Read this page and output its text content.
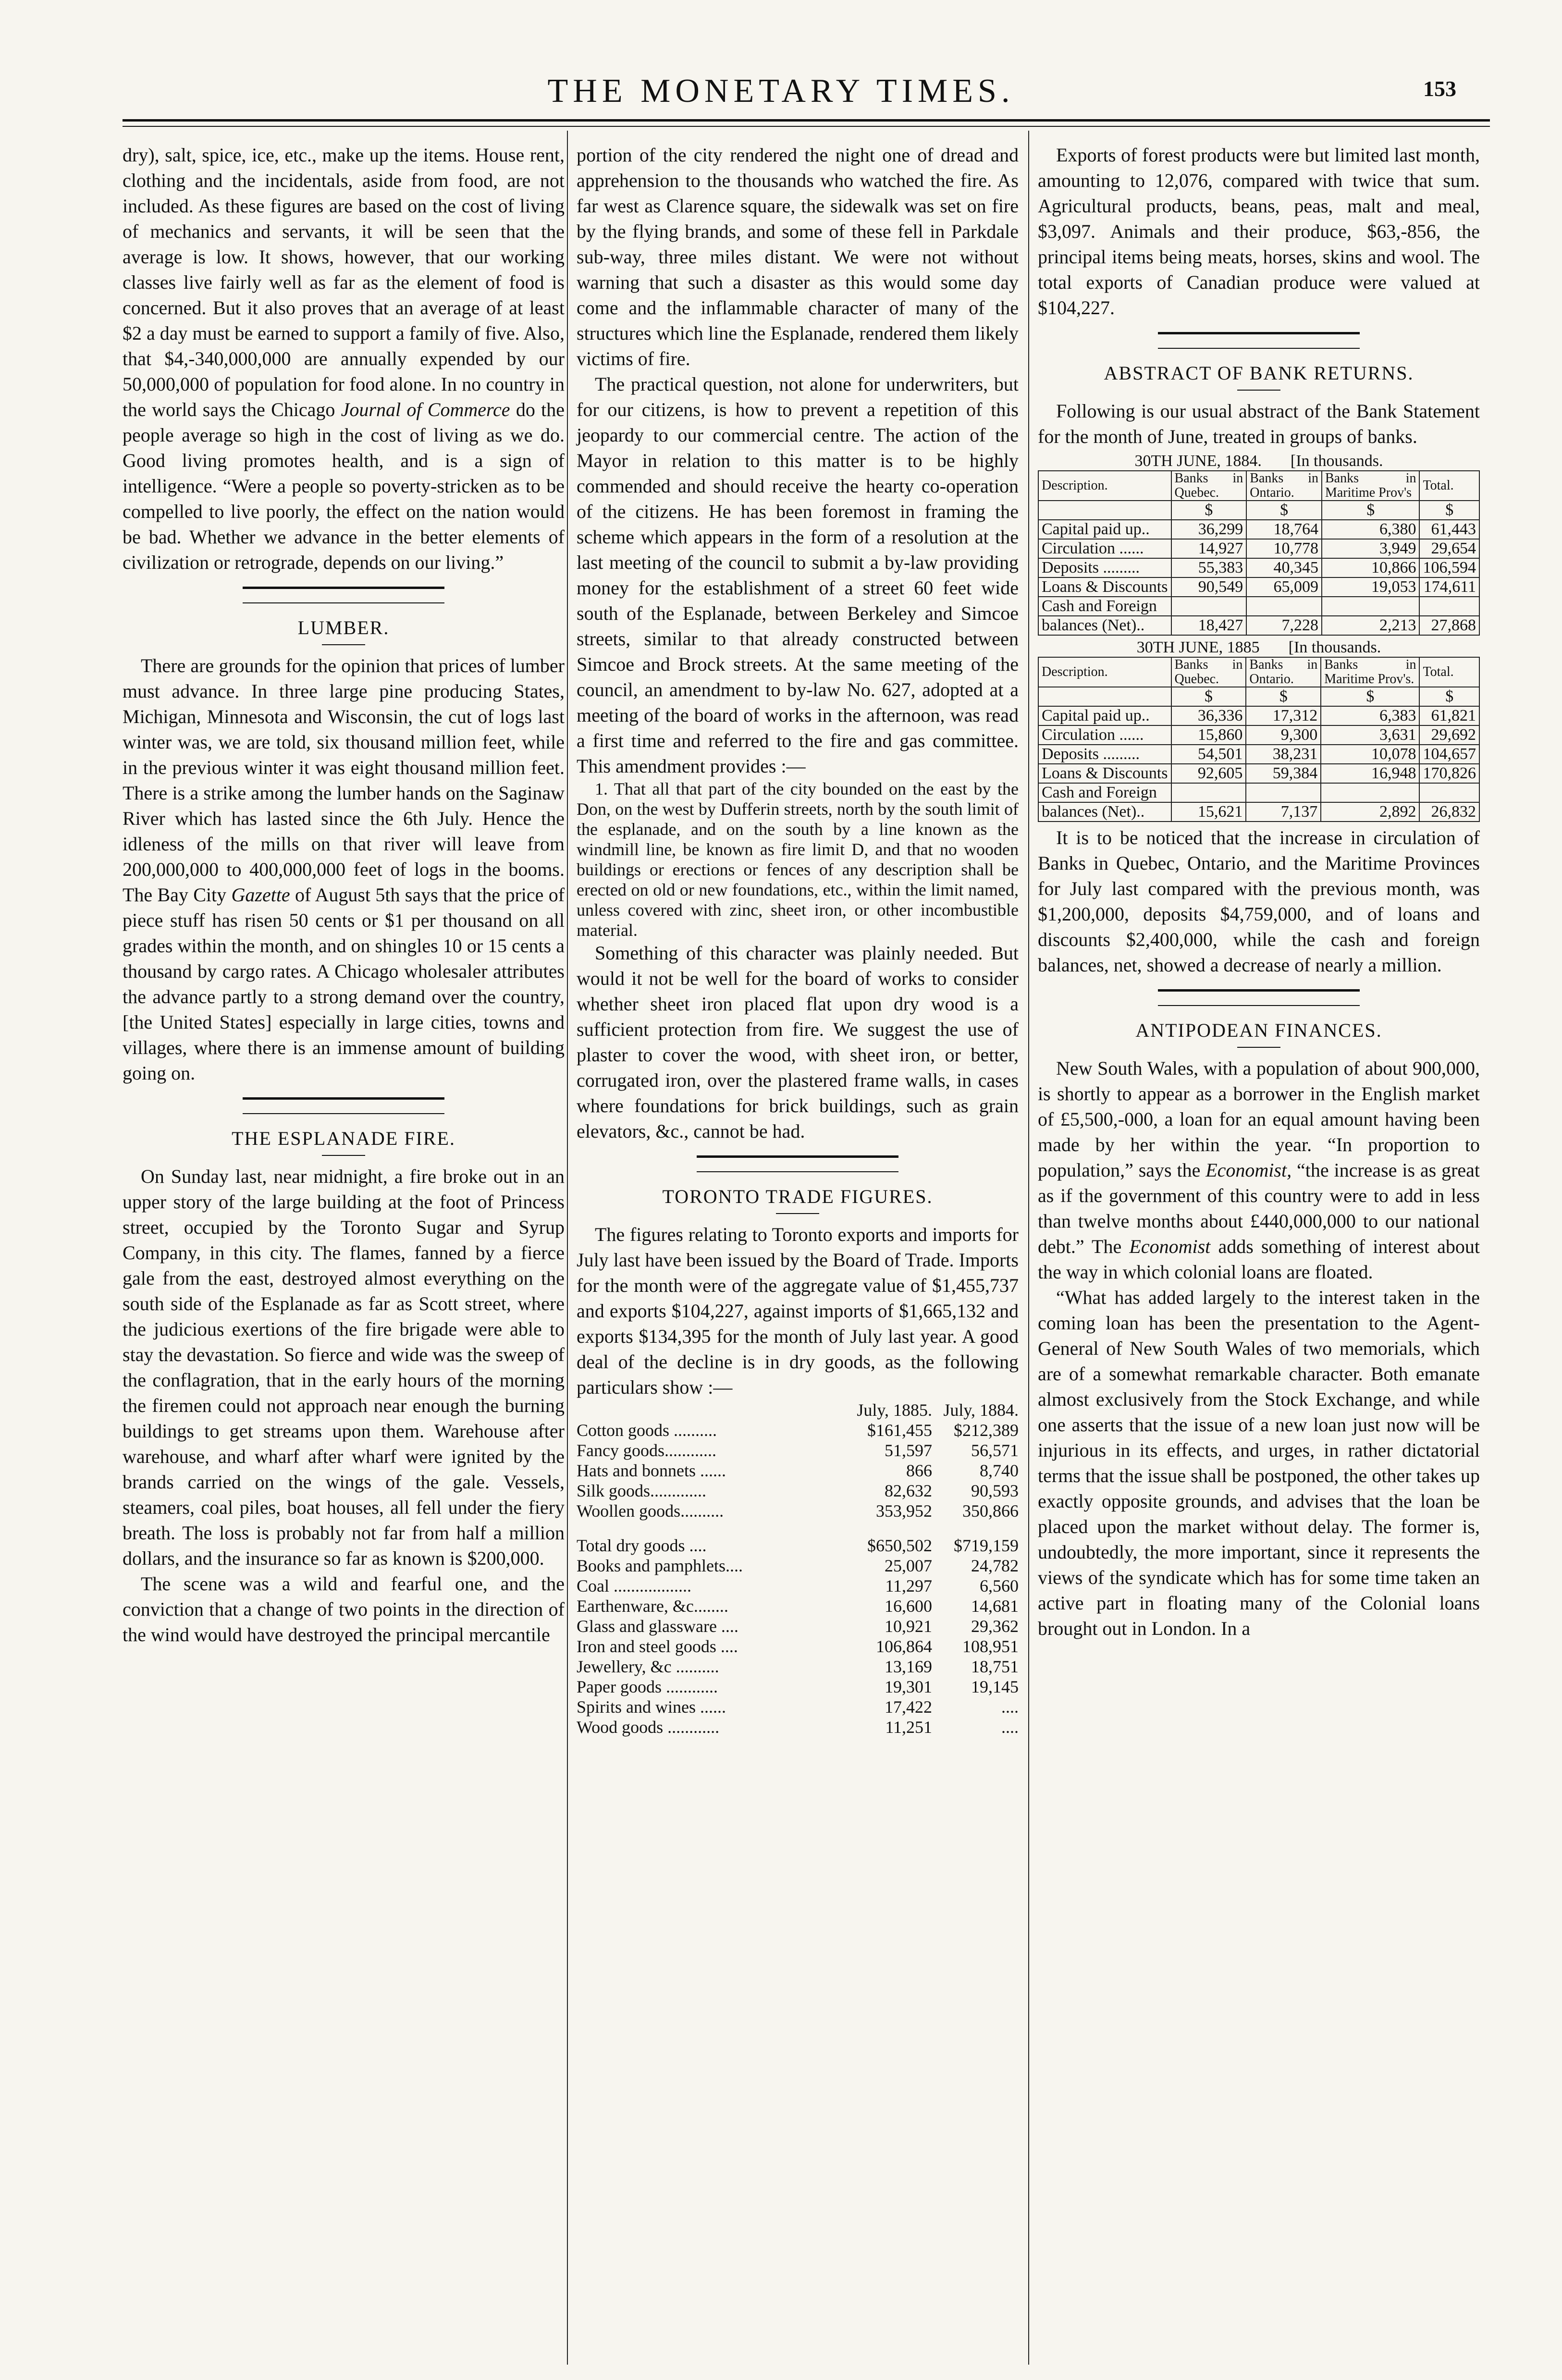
THE MONETARY TIMES.	153

dry), salt, spice, ice, etc., make up the items. House rent, clothing and the incidentals, aside from food, are not included. As these figures are based on the cost of living of mechanics and servants, it will be seen that the average is low. It shows, however, that our working classes live fairly well as far as the element of food is concerned. But it also proves that an average of at least $2 a day must be earned to support a family of five. Also, that $4,-340,000,000 are annually expended by our 50,000,000 of population for food alone. In no country in the world says the Chicago Journal of Commerce do the people average so high in the cost of living as we do. Good living promotes health, and is a sign of intelligence. “Were a people so poverty-stricken as to be compelled to live poorly, the effect on the nation would be bad. Whether we advance in the better elements of civilization or retrograde, depends on our living.”

LUMBER.

There are grounds for the opinion that prices of lumber must advance. In three large pine producing States, Michigan, Minnesota and Wisconsin, the cut of logs last winter was, we are told, six thousand million feet, while in the previous winter it was eight thousand million feet. There is a strike among the lumber hands on the Saginaw River which has lasted since the 6th July. Hence the idleness of the mills on that river will leave from 200,000,000 to 400,000,000 feet of logs in the booms. The Bay City Gazette of August 5th says that the price of piece stuff has risen 50 cents or $1 per thousand on all grades within the month, and on shingles 10 or 15 cents a thousand by cargo rates. A Chicago wholesaler attributes the advance partly to a strong demand over the country, [the United States] especially in large cities, towns and villages, where there is an immense amount of building going on.

THE ESPLANADE FIRE.

On Sunday last, near midnight, a fire broke out in an upper story of the large building at the foot of Princess street, occupied by the Toronto Sugar and Syrup Company, in this city. The flames, fanned by a fierce gale from the east, destroyed almost everything on the south side of the Esplanade as far as Scott street, where the judicious exertions of the fire brigade were able to stay the devastation. So fierce and wide was the sweep of the conflagration, that in the early hours of the morning the firemen could not approach near enough the burning buildings to get streams upon them. Warehouse after warehouse, and wharf after wharf were ignited by the brands carried on the wings of the gale. Vessels, steamers, coal piles, boat houses, all fell under the fiery breath. The loss is probably not far from half a million dollars, and the insurance so far as known is $200,000.

The scene was a wild and fearful one, and the conviction that a change of two points in the direction of the wind would have destroyed the principal mercantile

portion of the city rendered the night one of dread and apprehension to the thousands who watched the fire. As far west as Clarence square, the sidewalk was set on fire by the flying brands, and some of these fell in Parkdale sub-way, three miles distant. We were not without warning that such a disaster as this would some day come and the inflammable character of many of the structures which line the Esplanade, rendered them likely victims of fire.

The practical question, not alone for underwriters, but for our citizens, is how to prevent a repetition of this jeopardy to our commercial centre. The action of the Mayor in relation to this matter is to be highly commended and should receive the hearty co-operation of the citizens. He has been foremost in framing the scheme which appears in the form of a resolution at the last meeting of the council to submit a by-law providing money for the establishment of a street 60 feet wide south of the Esplanade, between Berkeley and Simcoe streets, similar to that already constructed between Simcoe and Brock streets. At the same meeting of the council, an amendment to by-law No. 627, adopted at a meeting of the board of works in the afternoon, was read a first time and referred to the fire and gas committee. This amendment provides :—

1. That all that part of the city bounded on the east by the Don, on the west by Dufferin streets, north by the south limit of the esplanade, and on the south by a line known as the windmill line, be known as fire limit D, and that no wooden buildings or erections or fences of any description shall be erected on old or new foundations, etc., within the limit named, unless covered with zinc, sheet iron, or other incombustible material.

Something of this character was plainly needed. But would it not be well for the board of works to consider whether sheet iron placed flat upon dry wood is a sufficient protection from fire. We suggest the use of plaster to cover the wood, with sheet iron, or better, corrugated iron, over the plastered frame walls, in cases where foundations for brick buildings, such as grain elevators, &c., cannot be had.

TORONTO TRADE FIGURES.

The figures relating to Toronto exports and imports for July last have been issued by the Board of Trade. Imports for the month were of the aggregate value of $1,455,737 and exports $104,227, against imports of $1,665,132 and exports $134,395 for the month of July last year. A good deal of the decline is in dry goods, as the following particulars show :—

	July, 1885.	July, 1884.
Cotton goods ..........	$161,455	$212,389
Fancy goods............	51,597	56,571
Hats and bonnets ......	866	8,740
Silk goods.............	82,632	90,593
Woollen goods..........	353,952	350,866
Total dry goods ....	$650,502	$719,159
Books and pamphlets....	25,007	24,782
Coal ..................	11,297	6,560
Earthenware, &c........	16,600	14,681
Glass and glassware ....	10,921	29,362
Iron and steel goods ....	106,864	108,951
Jewellery, &c ..........	13,169	18,751
Paper goods ............	19,301	19,145
Spirits and wines ......	17,422	....
Wood goods ............	11,251	....

Exports of forest products were but limited last month, amounting to 12,076, compared with twice that sum. Agricultural products, beans, peas, malt and meal, $3,097. Animals and their produce, $63,-856, the principal items being meats, horses, skins and wool. The total exports of Canadian produce were valued at $104,227.

ABSTRACT OF BANK RETURNS.

Following is our usual abstract of the Bank Statement for the month of June, treated in groups of banks.

30TH JUNE, 1884. [In thousands.				
Description.	Banks in Quebec.	Banks in Ontario.	Banks in Maritime Prov's	Total.
	$	$	$	$
Capital paid up..	36,299	18,764	6,380	61,443
Circulation ......	14,927	10,778	3,949	29,654
Deposits .........	55,383	40,345	10,866	106,594
Loans & Discounts	90,549	65,009	19,053	174,611
Cash and Foreign				
balances (Net)..	18,427	7,228	2,213	27,868
30TH JUNE, 1885 [In thousands.				
Description.	Banks in Quebec.	Banks in Ontario.	Banks in Maritime Prov's.	Total.
	$	$	$	$
Capital paid up..	36,336	17,312	6,383	61,821
Circulation ......	15,860	9,300	3,631	29,692
Deposits .........	54,501	38,231	10,078	104,657
Loans & Discounts	92,605	59,384	16,948	170,826
Cash and Foreign				
balances (Net)..	15,621	7,137	2,892	26,832

It is to be noticed that the increase in circulation of Banks in Quebec, Ontario, and the Maritime Provinces for July last compared with the previous month, was $1,200,000, deposits $4,759,000, and of loans and discounts $2,400,000, while the cash and foreign balances, net, showed a decrease of nearly a million.

ANTIPODEAN FINANCES.

New South Wales, with a population of about 900,000, is shortly to appear as a borrower in the English market of £5,500,-000, a loan for an equal amount having been made by her within the year. “In proportion to population,” says the Economist, “the increase is as great as if the government of this country were to add in less than twelve months about £440,000,000 to our national debt.” The Economist adds something of interest about the way in which colonial loans are floated.

“What has added largely to the interest taken in the coming loan has been the presentation to the Agent-General of New South Wales of two memorials, which are of a somewhat remarkable character. Both emanate almost exclusively from the Stock Exchange, and while one asserts that the issue of a new loan just now will be injurious in its effects, and urges, in rather dictatorial terms that the issue shall be postponed, the other takes up exactly opposite grounds, and advises that the loan be placed upon the market without delay. The former is, undoubtedly, the more important, since it represents the views of the syndicate which has for some time taken an active part in floating many of the Colonial loans brought out in London. In a
